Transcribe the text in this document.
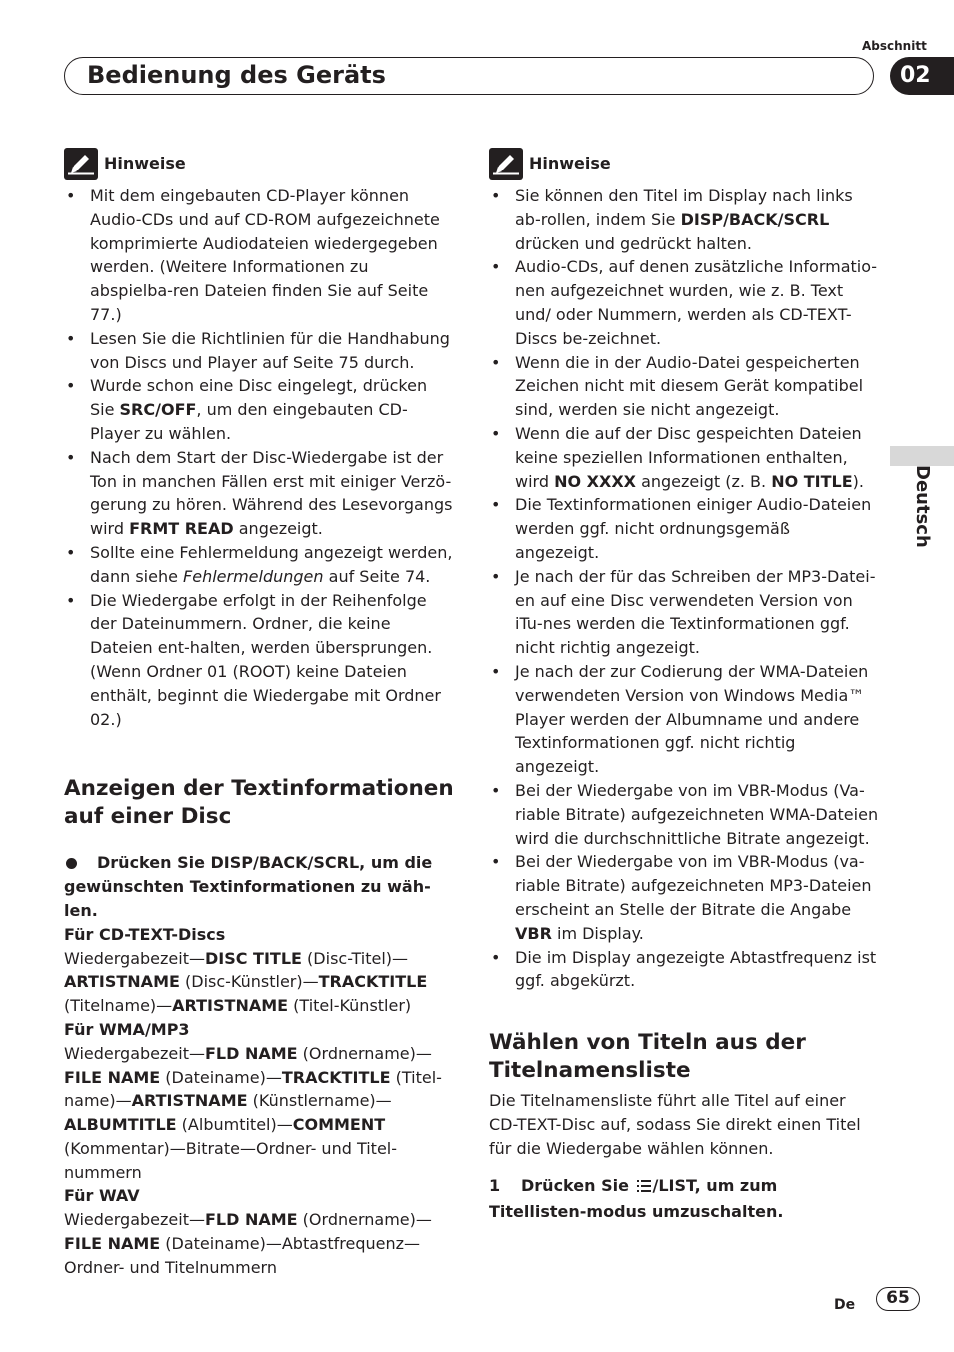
Abschnitt
Bedienung des Geräts	02
Deutsch
Hinweise
• Mit dem eingebauten CD-Player können Audio-CDs und auf CD-ROM aufgezeichnete komprimierte Audiodateien wiedergegeben werden. (Weitere Informationen zu abspielba-ren Dateien finden Sie auf Seite 77.)
• Lesen Sie die Richtlinien für die Handhabung von Discs und Player auf Seite 75 durch.
• Wurde schon eine Disc eingelegt, drücken Sie SRC/OFF, um den eingebauten CD-Player zu wählen.
• Nach dem Start der Disc-Wiedergabe ist der Ton in manchen Fällen erst mit einiger Verzö-gerung zu hören. Während des Lesevorgangs wird FRMT READ angezeigt.
• Sollte eine Fehlermeldung angezeigt werden, dann siehe Fehlermeldungen auf Seite 74.
• Die Wiedergabe erfolgt in der Reihenfolge der Dateinummern. Ordner, die keine Dateien ent-halten, werden übersprungen. (Wenn Ordner 01 (ROOT) keine Dateien enthält, beginnt die Wiedergabe mit Ordner 02.)
Anzeigen der Textinformationen auf einer Disc

Drücken Sie DISP/BACK/SCRL, um die gewünschten Textinformationen zu wäh-len.

Für CD-TEXT-Discs

Wiedergabezeit—DISC TITLE (Disc-Titel)—ARTISTNAME (Disc-Künstler)—TRACKTITLE (Titelname)—ARTISTNAME (Titel-Künstler)

Für WMA/MP3

Wiedergabezeit—FLD NAME (Ordnername)—FILE NAME (Dateiname)—TRACKTITLE (Titel-name)—ARTISTNAME (Künstlername)—ALBUMTITLE (Albumtitel)—COMMENT (Kommentar)—Bitrate—Ordner- und Titel-nummern

Für WAV

Wiedergabezeit—FLD NAME (Ordnername)—FILE NAME (Dateiname)—Abtastfrequenz—Ordner- und Titelnummern

Hinweise
• Sie können den Titel im Display nach links ab-rollen, indem Sie DISP/BACK/SCRL drücken und gedrückt halten.
• Audio-CDs, auf denen zusätzliche Informatio-nen aufgezeichnet wurden, wie z. B. Text und/ oder Nummern, werden als CD-TEXT-Discs be-zeichnet.
• Wenn die in der Audio-Datei gespeicherten Zeichen nicht mit diesem Gerät kompatibel sind, werden sie nicht angezeigt.
• Wenn die auf der Disc gespeichten Dateien keine speziellen Informationen enthalten, wird NO XXXX angezeigt (z. B. NO TITLE).
• Die Textinformationen einiger Audio-Dateien werden ggf. nicht ordnungsgemäß angezeigt.
• Je nach der für das Schreiben der MP3-Datei-en auf eine Disc verwendeten Version von iTu-nes werden die Textinformationen ggf. nicht richtig angezeigt.
• Je nach der zur Codierung der WMA-Dateien verwendeten Version von Windows Media™ Player werden der Albumname und andere Textinformationen ggf. nicht richtig angezeigt.
• Bei der Wiedergabe von im VBR-Modus (Va-riable Bitrate) aufgezeichneten WMA-Dateien wird die durchschnittliche Bitrate angezeigt.
• Bei der Wiedergabe von im VBR-Modus (va-riable Bitrate) aufgezeichneten MP3-Dateien erscheint an Stelle der Bitrate die Angabe VBR im Display.
• Die im Display angezeigte Abtastfrequenz ist ggf. abgekürzt.
Wählen von Titeln aus der Titelnamensliste

Die Titelnamensliste führt alle Titel auf einer CD-TEXT-Disc auf, sodass Sie direkt einen Titel für die Wiedergabe wählen können.

1 Drücken Sie /LIST, um zum Titellisten-modus umzuschalten.

De	65
